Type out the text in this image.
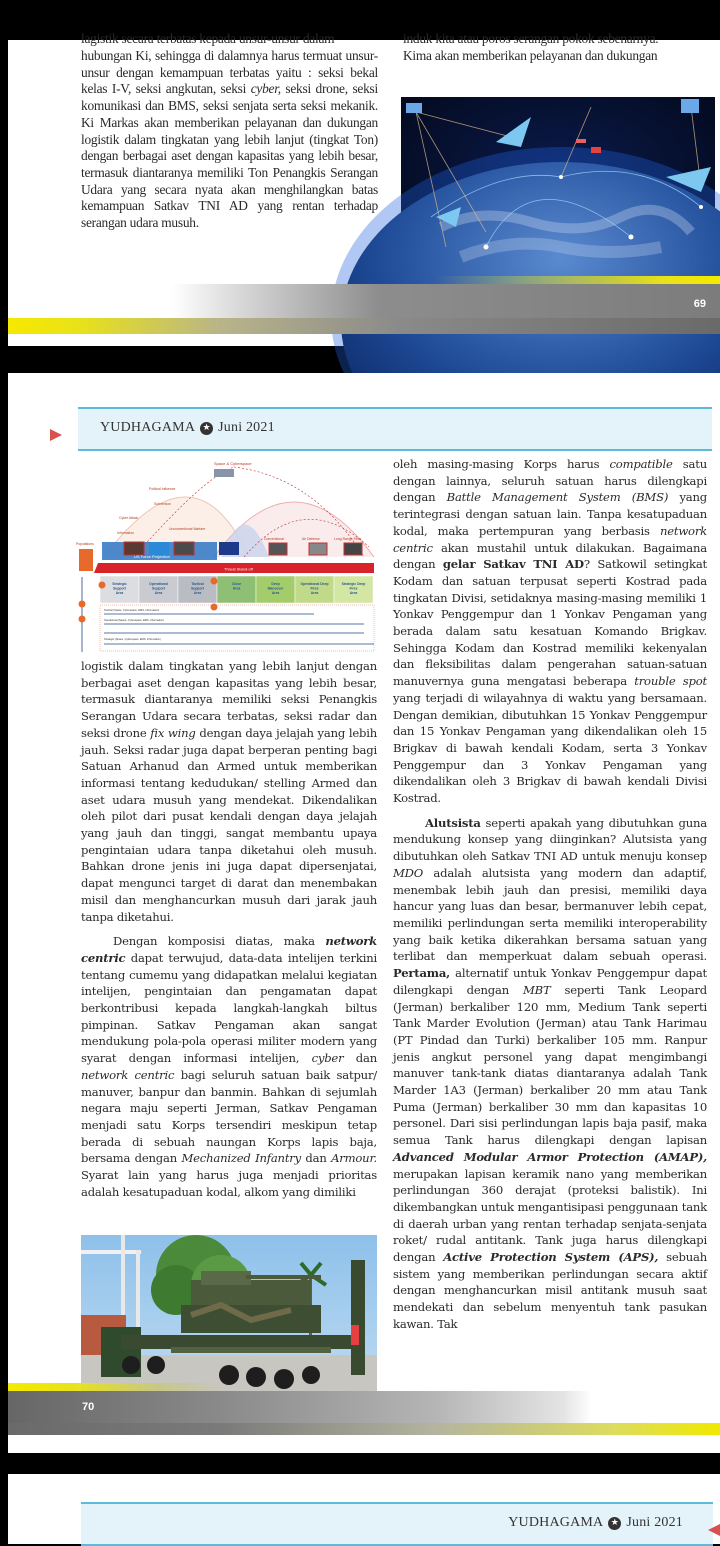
lagistik secara terbatas kepada unsur-unsur dalam

hubungan Ki, sehingga di dalamnya harus termuat unsur-unsur dengan kemampuan terbatas yaitu : seksi bekal kelas I-V, seksi angkutan, seksi cyber, seksi drone, seksi komunikasi dan BMS, seksi senjata serta seksi mekanik. Ki Markas akan memberikan pelayanan dan dukungan logistik dalam tingkatan yang lebih lanjut (tingkat Ton) dengan berbagai aset dengan kapasitas yang lebih besar, termasuk diantaranya memiliki Ton Penangkis Serangan Udara yang secara nyata akan menghilangkan batas kemampuan Satkav TNI AD yang rentan terhadap serangan udara musuh.

induk kita atau poros serangan pokok sebenarnya.

Kima akan memberikan pelayanan dan dukungan

69
YUDHAGAMA ★ Juni 2021
Space & Cyberspace
Political Influence
Subversion
Cyber Attack
Information
Unconventional Warfare
Conventional	Air Defense	Long-Range Fires
Populations
US Force Projection
Threat Stand-off
Strategic
Support
Area
Operational
Support
Area
Tactical
Support
Area
Close
Area
Deep
Maneuver
Area
Operational Deep
Fires
Area
Strategic Deep
Fires
Area
Tactical (Space, Cyberspace, EMS, Information)
Operational (Space, Cyberspace, EMS, Information)
Strategic (Space, Cyberspace, EMS, Information)

logistik dalam tingkatan yang lebih lanjut dengan berbagai aset dengan kapasitas yang lebih besar, termasuk diantaranya memiliki seksi Penangkis Serangan Udara secara terbatas, seksi radar dan seksi drone fix wing dengan daya jelajah yang lebih jauh. Seksi radar juga dapat berperan penting bagi Satuan Arhanud dan Armed untuk memberikan informasi tentang kedudukan/ stelling Armed dan aset udara musuh yang mendekat. Dikendalikan oleh pilot dari pusat kendali dengan daya jelajah yang jauh dan tinggi, sangat membantu upaya pengintaian udara tanpa diketahui oleh musuh. Bahkan drone jenis ini juga dapat dipersenjatai, dapat mengunci target di darat dan menembakan misil dan menghancurkan musuh dari jarak jauh tanpa diketahui.

Dengan komposisi diatas, maka network centric dapat terwujud, data-data intelijen terkini tentang cumemu yang didapatkan melalui kegiatan intelijen, pengintaian dan pengamatan dapat berkontribusi kepada langkah-langkah biltus pimpinan. Satkav Pengaman akan sangat mendukung pola-pola operasi militer modern yang syarat dengan informasi intelijen, cyber dan network centric bagi seluruh satuan baik satpur/ manuver, banpur dan banmin. Bahkan di sejumlah negara maju seperti Jerman, Satkav Pengaman menjadi satu Korps tersendiri meskipun tetap berada di sebuah naungan Korps lapis baja, bersama dengan Mechanized Infantry dan Armour. Syarat lain yang harus juga menjadi prioritas adalah kesatupaduan kodal, alkom yang dimiliki

oleh masing-masing Korps harus compatible satu dengan lainnya, seluruh satuan harus dilengkapi dengan Battle Management System (BMS) yang terintegrasi dengan satuan lain. Tanpa kesatupaduan kodal, maka pertempuran yang berbasis network centric akan mustahil untuk dilakukan. Bagaimana dengan gelar Satkav TNI AD? Satkowil setingkat Kodam dan satuan terpusat seperti Kostrad pada tingkatan Divisi, setidaknya masing-masing memiliki 1 Yonkav Penggempur dan 1 Yonkav Pengaman yang berada dalam satu kesatuan Komando Brigkav. Sehingga Kodam dan Kostrad memiliki kekenyalan dan fleksibilitas dalam pengerahan satuan-satuan manuvernya guna mengatasi beberapa trouble spot yang terjadi di wilayahnya di waktu yang bersamaan. Dengan demikian, dibutuhkan 15 Yonkav Penggempur dan 15 Yonkav Pengaman yang dikendalikan oleh 15 Brigkav di bawah kendali Kodam, serta 3 Yonkav Penggempur dan 3 Yonkav Pengaman yang dikendalikan oleh 3 Brigkav di bawah kendali Divisi Kostrad.

Alutsista seperti apakah yang dibutuhkan guna mendukung konsep yang diinginkan? Alutsista yang dibutuhkan oleh Satkav TNI AD untuk menuju konsep MDO adalah alutsista yang modern dan adaptif, menembak lebih jauh dan presisi, memiliki daya hancur yang luas dan besar, bermanuver lebih cepat, memiliki perlindungan serta memiliki interoperability yang baik ketika dikerahkan bersama satuan yang terlibat dan memperkuat dalam sebuah operasi. Pertama, alternatif untuk Yonkav Penggempur dapat dilengkapi dengan MBT seperti Tank Leopard (Jerman) berkaliber 120 mm, Medium Tank seperti Tank Marder Evolution (Jerman) atau Tank Harimau (PT Pindad dan Turki) berkaliber 105 mm. Ranpur jenis angkut personel yang dapat mengimbangi manuver tank-tank diatas diantaranya adalah Tank Marder 1A3 (Jerman) berkaliber 20 mm atau Tank Puma (Jerman) berkaliber 30 mm dan kapasitas 10 personel. Dari sisi perlindungan lapis baja pasif, maka semua Tank harus dilengkapi dengan lapisan Advanced Modular Armor Protection (AMAP), merupakan lapisan keramik nano yang memberikan perlindungan 360 derajat (proteksi balistik). Ini dikembangkan untuk mengantisipasi penggunaan tank di daerah urban yang rentan terhadap senjata-senjata roket/ rudal antitank. Tank juga harus dilengkapi dengan Active Protection System (APS), sebuah sistem yang memberikan perlindungan secara aktif dengan menghancurkan misil antitank musuh saat mendekati dan sebelum menyentuh tank pasukan kawan. Tak

70
YUDHAGAMA ★ Juni 2021
